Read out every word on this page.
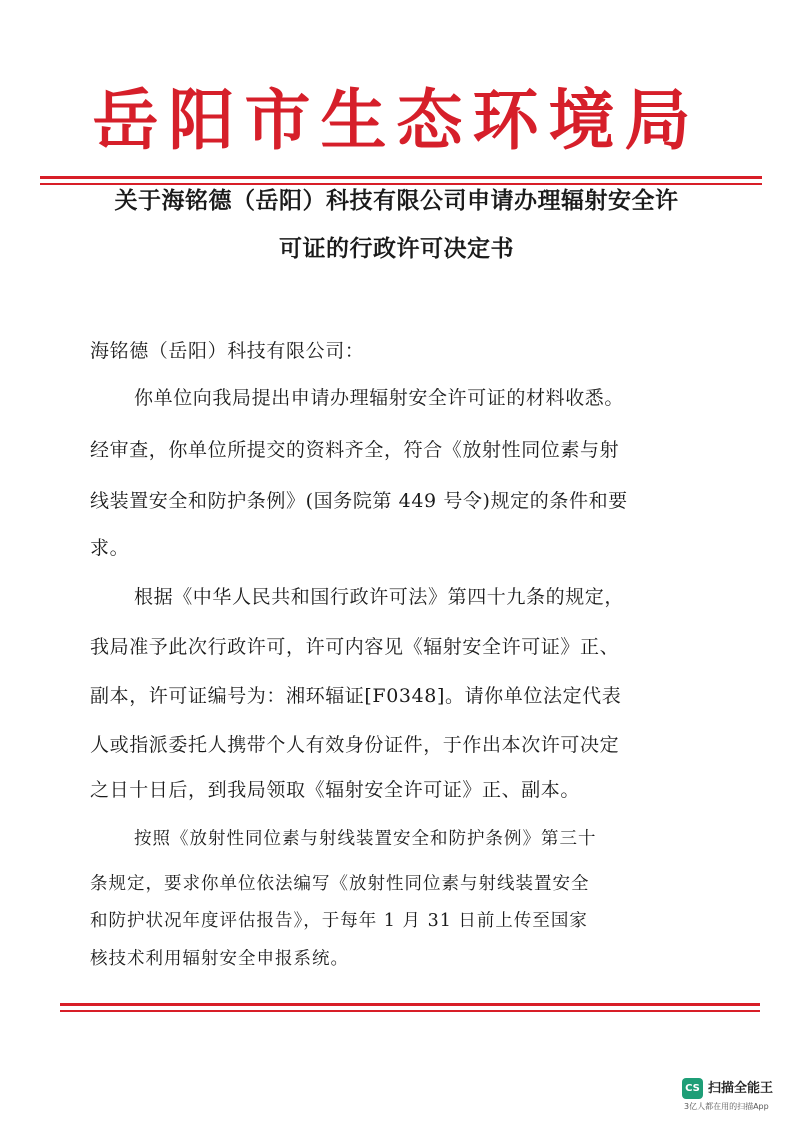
岳阳市生态环境局
关于海铭德（岳阳）科技有限公司申请办理辐射安全许
可证的行政许可决定书
海铭德（岳阳）科技有限公司：
你单位向我局提出申请办理辐射安全许可证的材料收悉。
经审查，你单位所提交的资料齐全，符合《放射性同位素与射
线装置安全和防护条例》(国务院第 449 号令)规定的条件和要
求。
根据《中华人民共和国行政许可法》第四十九条的规定，
我局准予此次行政许可，许可内容见《辐射安全许可证》正、
副本，许可证编号为：湘环辐证[F0348]。请你单位法定代表
人或指派委托人携带个人有效身份证件，于作出本次许可决定
之日十日后，到我局领取《辐射安全许可证》正、副本。
按照《放射性同位素与射线装置安全和防护条例》第三十
条规定，要求你单位依法编写《放射性同位素与射线装置安全
和防护状况年度评估报告》，于每年 1 月 31 日前上传至国家
核技术利用辐射安全申报系统。
CS 扫描全能王
3亿人都在用的扫描App
